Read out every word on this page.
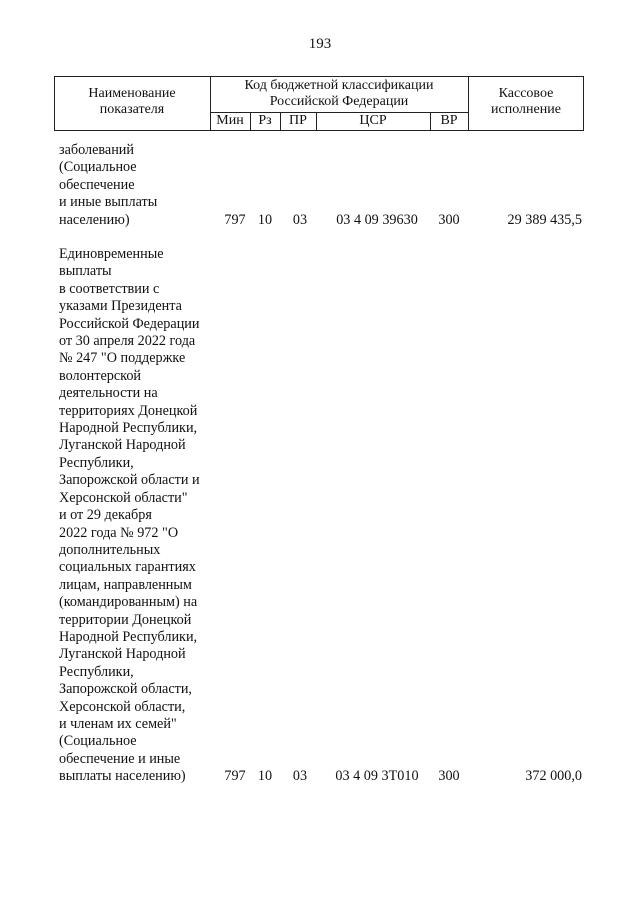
193
Наименование
показателя
Код бюджетной классификации
Российской Федерации
Кассовое
исполнение
Мин	Рз	ПР	ЦСР	ВР
заболеваний
(Социальное
обеспечение
и иные выплаты
населению)	797 10 03	03 4 09 39630	300	29 389 435,5
Единовременные
выплаты
в соответствии с
указами Президента
Российской Федерации
от 30 апреля 2022 года
№ 247 "О поддержке
волонтерской
деятельности на
территориях Донецкой
Народной Республики,
Луганской Народной
Республики,
Запорожской области и
Херсонской области"
и от 29 декабря
2022 года № 972 "О
дополнительных
социальных гарантиях
лицам, направленным
(командированным) на
территории Донецкой
Народной Республики,
Луганской Народной
Республики,
Запорожской области,
Херсонской области,
и членам их семей"
(Социальное
обеспечение и иные
выплаты населению)	797 10 03	03 4 09 3Т010	300	372 000,0
